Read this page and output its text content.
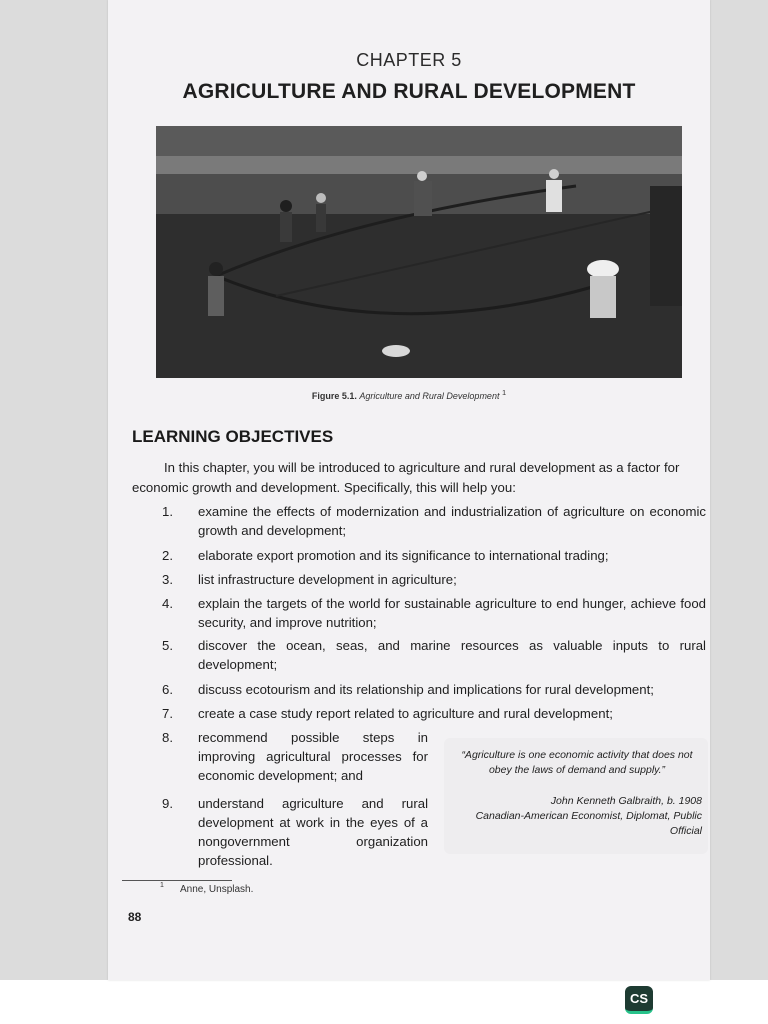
CHAPTER 5
AGRICULTURE AND RURAL DEVELOPMENT
Figure 5.1. Agriculture and Rural Development $^1$
LEARNING OBJECTIVES
In this chapter, you will be introduced to agriculture and rural development as a factor for economic growth and development. Specifically, this will help you:
1.	examine the effects of modernization and industrialization of agriculture on economic growth and development;
2.	elaborate export promotion and its significance to international trading;
3.	list infrastructure development in agriculture;
4.	explain the targets of the world for sustainable agriculture to end hunger, achieve food security, and improve nutrition;
5.	discover the ocean, seas, and marine resources as valuable inputs to rural development;
6.	discuss ecotourism and its relationship and implications for rural development;
7.	create a case study report related to agriculture and rural development;
8.	recommend possible steps in improving agricultural processes for economic development; and
9.	understand agriculture and rural development at work in the eyes of a nongovernment organization professional.
“Agriculture is one economic activity that does not obey the laws of demand and supply.”
John Kenneth Galbraith, b. 1908
Canadian-American Economist, Diplomat, Public Official
1 Anne, Unsplash.
88
CS
